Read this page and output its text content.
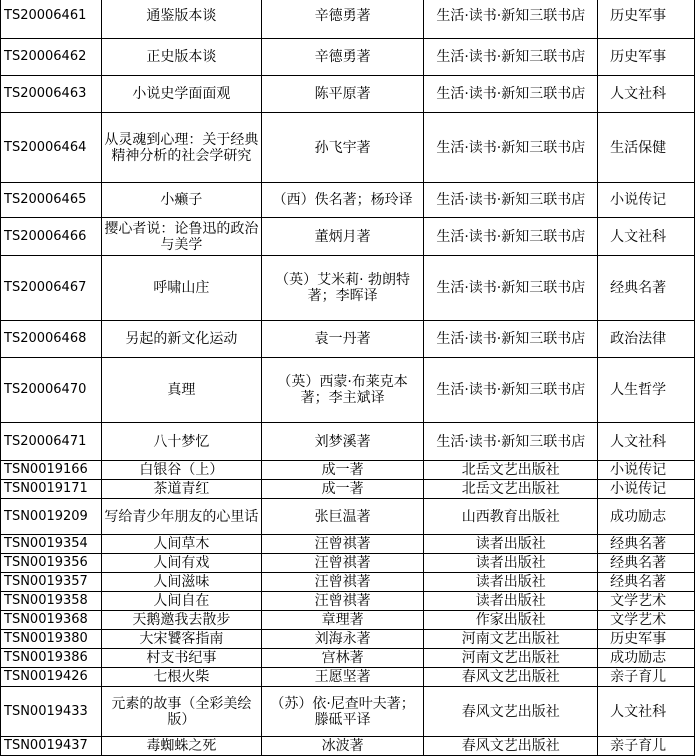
TS20006461	通鉴版本谈	辛德勇著	生活·读书·新知三联书店	历史军事
TS20006462	正史版本谈	辛德勇著	生活·读书·新知三联书店	历史军事
TS20006463	小说史学面面观	陈平原著	生活·读书·新知三联书店	人文社科
TS20006464	从灵魂到心理：关于经典精神分析的社会学研究	孙飞宇著	生活·读书·新知三联书店	生活保健
TS20006465	小癞子	（西）佚名著；杨玲译	生活·读书·新知三联书店	小说传记
TS20006466	撄心者说：论鲁迅的政治与美学	董炳月著	生活·读书·新知三联书店	人文社科
TS20006467	呼啸山庄	（英）艾米莉· 勃朗特著；李晖译	生活·读书·新知三联书店	经典名著
TS20006468	另起的新文化运动	袁一丹著	生活·读书·新知三联书店	政治法律
TS20006470	真理	（英）西蒙·布莱克本著；李主斌译	生活·读书·新知三联书店	人生哲学
TS20006471	八十梦忆	刘梦溪著	生活·读书·新知三联书店	人文社科
TSN0019166	白银谷（上）	成一著	北岳文艺出版社	小说传记
TSN0019171	茶道青红	成一著	北岳文艺出版社	小说传记
TSN0019209	写给青少年朋友的心里话	张巨温著	山西教育出版社	成功励志
TSN0019354	人间草木	汪曾祺著	读者出版社	经典名著
TSN0019356	人间有戏	汪曾祺著	读者出版社	经典名著
TSN0019357	人间滋味	汪曾祺著	读者出版社	经典名著
TSN0019358	人间自在	汪曾祺著	读者出版社	文学艺术
TSN0019368	天鹅邀我去散步	章理著	作家出版社	文学艺术
TSN0019380	大宋饕客指南	刘海永著	河南文艺出版社	历史军事
TSN0019386	村支书纪事	宫林著	河南文艺出版社	成功励志
TSN0019426	七根火柴	王愿坚著	春风文艺出版社	亲子育儿
TSN0019433	元素的故事（全彩美绘版）	（苏）依·尼查叶夫著；滕砥平译	春风文艺出版社	人文社科
TSN0019437	毒蜘蛛之死	冰波著	春风文艺出版社	亲子育儿
